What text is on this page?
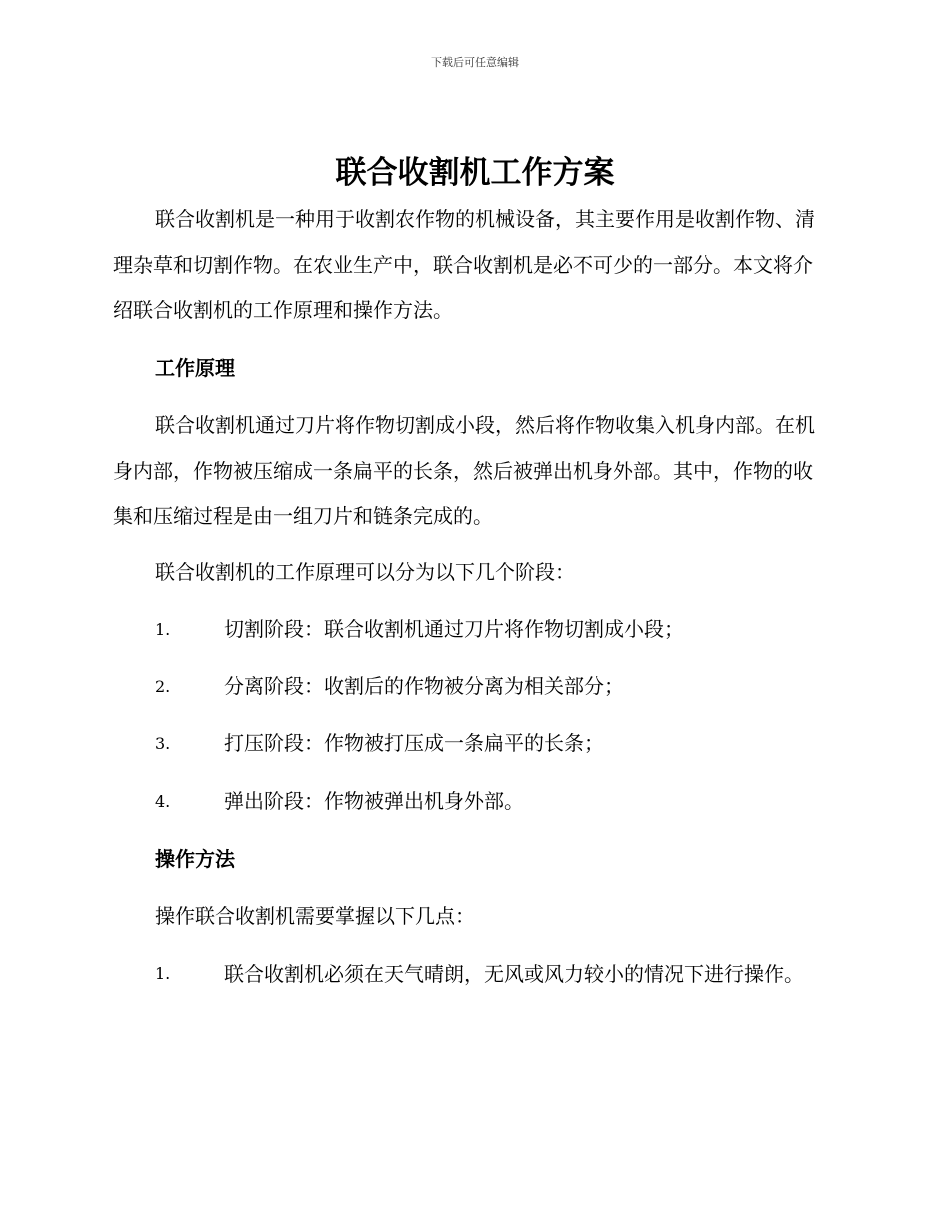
下载后可任意编辑
联合收割机工作方案

联合收割机是一种用于收割农作物的机械设备，其主要作用是收割作物、清理杂草和切割作物。在农业生产中，联合收割机是必不可少的一部分。本文将介绍联合收割机的工作原理和操作方法。

工作原理

联合收割机通过刀片将作物切割成小段，然后将作物收集入机身内部。在机身内部，作物被压缩成一条扁平的长条，然后被弹出机身外部。其中，作物的收集和压缩过程是由一组刀片和链条完成的。

联合收割机的工作原理可以分为以下几个阶段：
1.	切割阶段：联合收割机通过刀片将作物切割成小段；
2.	分离阶段：收割后的作物被分离为相关部分；
3.	打压阶段：作物被打压成一条扁平的长条；
4.	弹出阶段：作物被弹出机身外部。
操作方法
操作联合收割机需要掌握以下几点：
1.	联合收割机必须在天气晴朗，无风或风力较小的情况下进行操作。
